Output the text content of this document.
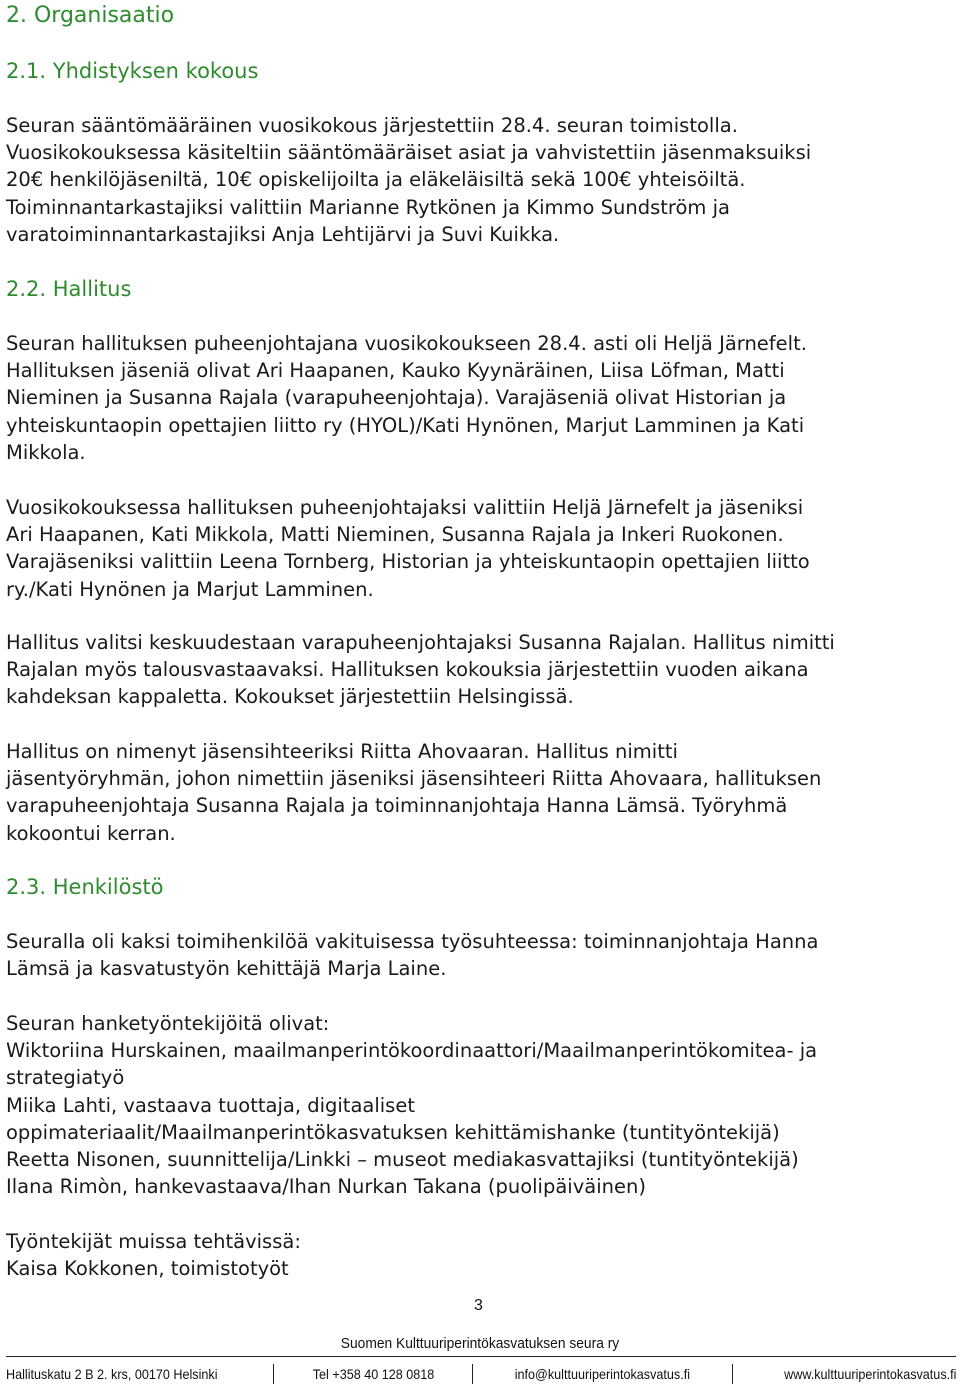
2. Organisaatio
2.1. Yhdistyksen kokous
Seuran sääntömääräinen vuosikokous järjestettiin 28.4. seuran toimistolla.
Vuosikokouksessa käsiteltiin sääntömääräiset asiat ja vahvistettiin jäsenmaksuiksi
20€ henkilöjäseniltä, 10€ opiskelijoilta ja eläkeläisiltä sekä 100€ yhteisöiltä.
Toiminnantarkastajiksi valittiin Marianne Rytkönen ja Kimmo Sundström ja
varatoiminnantarkastajiksi Anja Lehtijärvi ja Suvi Kuikka.
2.2. Hallitus
Seuran hallituksen puheenjohtajana vuosikokoukseen 28.4. asti oli Heljä Järnefelt.
Hallituksen jäseniä olivat Ari Haapanen, Kauko Kyynäräinen, Liisa Löfman, Matti
Nieminen ja Susanna Rajala (varapuheenjohtaja). Varajäseniä olivat Historian ja
yhteiskuntaopin opettajien liitto ry (HYOL)/Kati Hynönen, Marjut Lamminen ja Kati
Mikkola.
Vuosikokouksessa hallituksen puheenjohtajaksi valittiin Heljä Järnefelt ja jäseniksi
Ari Haapanen, Kati Mikkola, Matti Nieminen, Susanna Rajala ja Inkeri Ruokonen.
Varajäseniksi valittiin Leena Tornberg, Historian ja yhteiskuntaopin opettajien liitto
ry./Kati Hynönen ja Marjut Lamminen.
Hallitus valitsi keskuudestaan varapuheenjohtajaksi Susanna Rajalan. Hallitus nimitti
Rajalan myös talousvastaavaksi. Hallituksen kokouksia järjestettiin vuoden aikana
kahdeksan kappaletta. Kokoukset järjestettiin Helsingissä.
Hallitus on nimenyt jäsensihteeriksi Riitta Ahovaaran. Hallitus nimitti
jäsentyöryhmän, johon nimettiin jäseniksi jäsensihteeri Riitta Ahovaara, hallituksen
varapuheenjohtaja Susanna Rajala ja toiminnanjohtaja Hanna Lämsä. Työryhmä
kokoontui kerran.
2.3. Henkilöstö
Seuralla oli kaksi toimihenkilöä vakituisessa työsuhteessa: toiminnanjohtaja Hanna
Lämsä ja kasvatustyön kehittäjä Marja Laine.
Seuran hanketyöntekijöitä olivat:
Wiktoriina Hurskainen, maailmanperintökoordinaattori/Maailmanperintökomitea- ja
strategiatyö
Miika Lahti, vastaava tuottaja, digitaaliset
oppimateriaalit/Maailmanperintökasvatuksen kehittämishanke (tuntityöntekijä)
Reetta Nisonen, suunnittelija/Linkki – museot mediakasvattajiksi (tuntityöntekijä)
Ilana Rimòn, hankevastaava/Ihan Nurkan Takana (puolipäiväinen)
Työntekijät muissa tehtävissä:
Kaisa Kokkonen, toimistotyöt
3
Suomen Kulttuuriperintökasvatuksen seura ry
Hallituskatu 2 B 2. krs, 00170 Helsinki	Tel +358 40 128 0818	info@kulttuuriperintokasvatus.fi	www.kulttuuriperintokasvatus.fi
